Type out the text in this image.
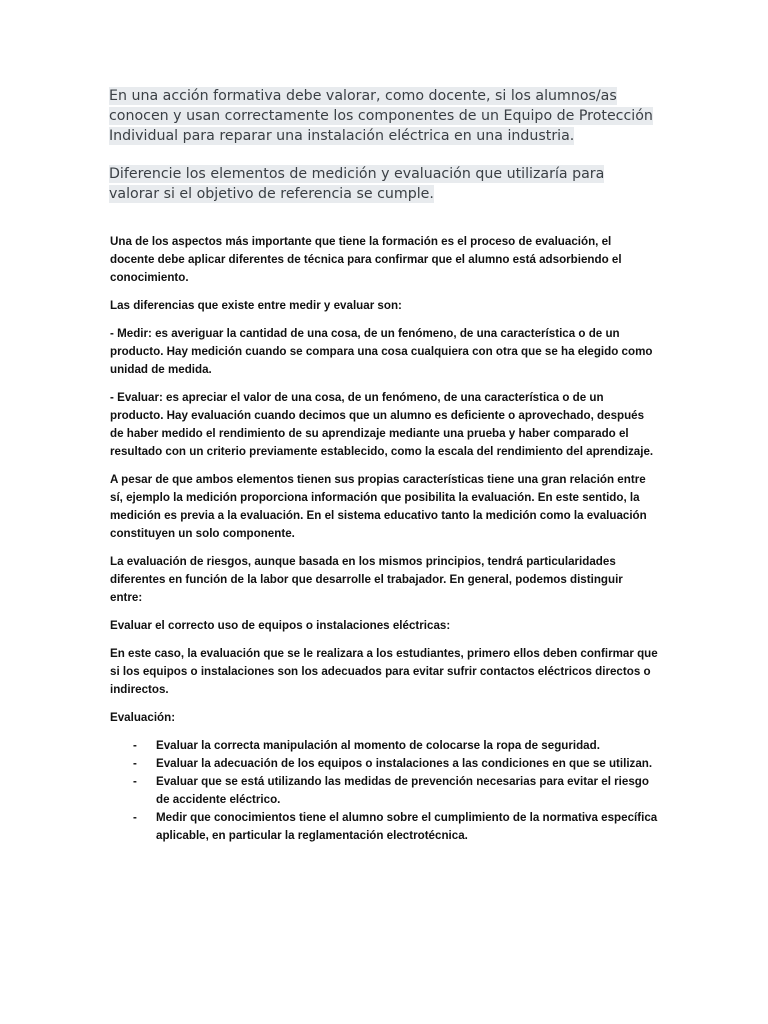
En una acción formativa debe valorar, como docente, si los alumnos/as conocen y usan correctamente los componentes de un Equipo de Protección Individual para reparar una instalación eléctrica en una industria.
Diferencie los elementos de medición y evaluación que utilizaría para valorar si el objetivo de referencia se cumple.

Una de los aspectos más importante que tiene la formación es el proceso de evaluación, el docente debe aplicar diferentes de técnica para confirmar que el alumno está adsorbiendo el conocimiento.

Las diferencias que existe entre medir y evaluar son:

- Medir: es averiguar la cantidad de una cosa, de un fenómeno, de una característica o de un producto. Hay medición cuando se compara una cosa cualquiera con otra que se ha elegido como unidad de medida.

- Evaluar: es apreciar el valor de una cosa, de un fenómeno, de una característica o de un producto. Hay evaluación cuando decimos que un alumno es deficiente o aprovechado, después de haber medido el rendimiento de su aprendizaje mediante una prueba y haber comparado el resultado con un criterio previamente establecido, como la escala del rendimiento del aprendizaje.

A pesar de que ambos elementos tienen sus propias características tiene una gran relación entre sí, ejemplo la medición proporciona información que posibilita la evaluación. En este sentido, la medición es previa a la evaluación. En el sistema educativo tanto la medición como la evaluación constituyen un solo componente.

La evaluación de riesgos, aunque basada en los mismos principios, tendrá particularidades diferentes en función de la labor que desarrolle el trabajador. En general, podemos distinguir entre:

Evaluar el correcto uso de equipos o instalaciones eléctricas:

En este caso, la evaluación que se le realizara a los estudiantes, primero ellos deben confirmar que si los equipos o instalaciones son los adecuados para evitar sufrir contactos eléctricos directos o indirectos.

Evaluación:

- Evaluar la correcta manipulación al momento de colocarse la ropa de seguridad.
- Evaluar la adecuación de los equipos o instalaciones a las condiciones en que se utilizan.
- Evaluar que se está utilizando las medidas de prevención necesarias para evitar el riesgo de accidente eléctrico.
- Medir que conocimientos tiene el alumno sobre el cumplimiento de la normativa específica aplicable, en particular la reglamentación electrotécnica.
